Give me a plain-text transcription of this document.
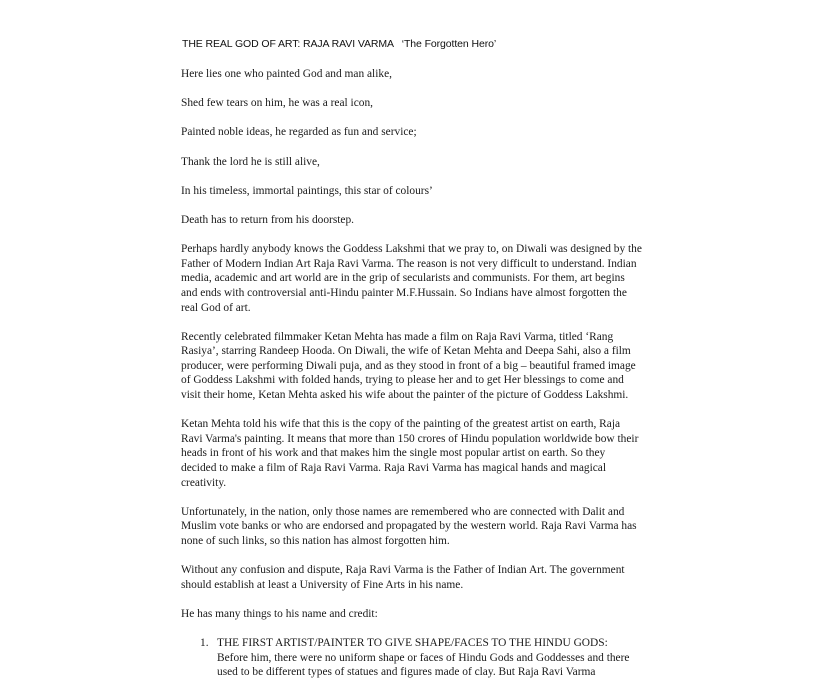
THE REAL GOD OF ART: RAJA RAVI VARMA   ‘The Forgotten Hero’

Here lies one who painted God and man alike,

Shed few tears on him, he was a real icon,

Painted noble ideas, he regarded as fun and service;

Thank the lord he is still alive,

In his timeless, immortal paintings, this star of colours’

Death has to return from his doorstep.

Perhaps hardly anybody knows the Goddess Lakshmi that we pray to, on Diwali was designed by the Father of Modern Indian Art Raja Ravi Varma. The reason is not very difficult to understand. Indian media, academic and art world are in the grip of secularists and communists. For them, art begins and ends with controversial anti-Hindu painter M.F.Hussain. So Indians have almost forgotten the real God of art.

Recently celebrated filmmaker Ketan Mehta has made a film on Raja Ravi Varma, titled ‘Rang Rasiya’, starring Randeep Hooda. On Diwali, the wife of Ketan Mehta and Deepa Sahi, also a film producer, were performing Diwali puja, and as they stood in front of a big – beautiful framed image of Goddess Lakshmi with folded hands, trying to please her and to get Her blessings to come and visit their home, Ketan Mehta asked his wife about the painter of the picture of Goddess Lakshmi.

Ketan Mehta told his wife that this is the copy of the painting of the greatest artist on earth, Raja Ravi Varma's painting. It means that more than 150 crores of Hindu population worldwide bow their heads in front of his work and that makes him the single most popular artist on earth. So they decided to make a film of Raja Ravi Varma. Raja Ravi Varma has magical hands and magical creativity.

Unfortunately, in the nation, only those names are remembered who are connected with Dalit and Muslim vote banks or who are endorsed and propagated by the western world. Raja Ravi Varma has none of such links, so this nation has almost forgotten him.

Without any confusion and dispute, Raja Ravi Varma is the Father of Indian Art. The government should establish at least a University of Fine Arts in his name.

He has many things to his name and credit:

1. THE FIRST ARTIST/PAINTER TO GIVE SHAPE/FACES TO THE HINDU GODS:
Before him, there were no uniform shape or faces of Hindu Gods and Goddesses and there used to be different types of statues and figures made of clay. But Raja Ravi Varma
